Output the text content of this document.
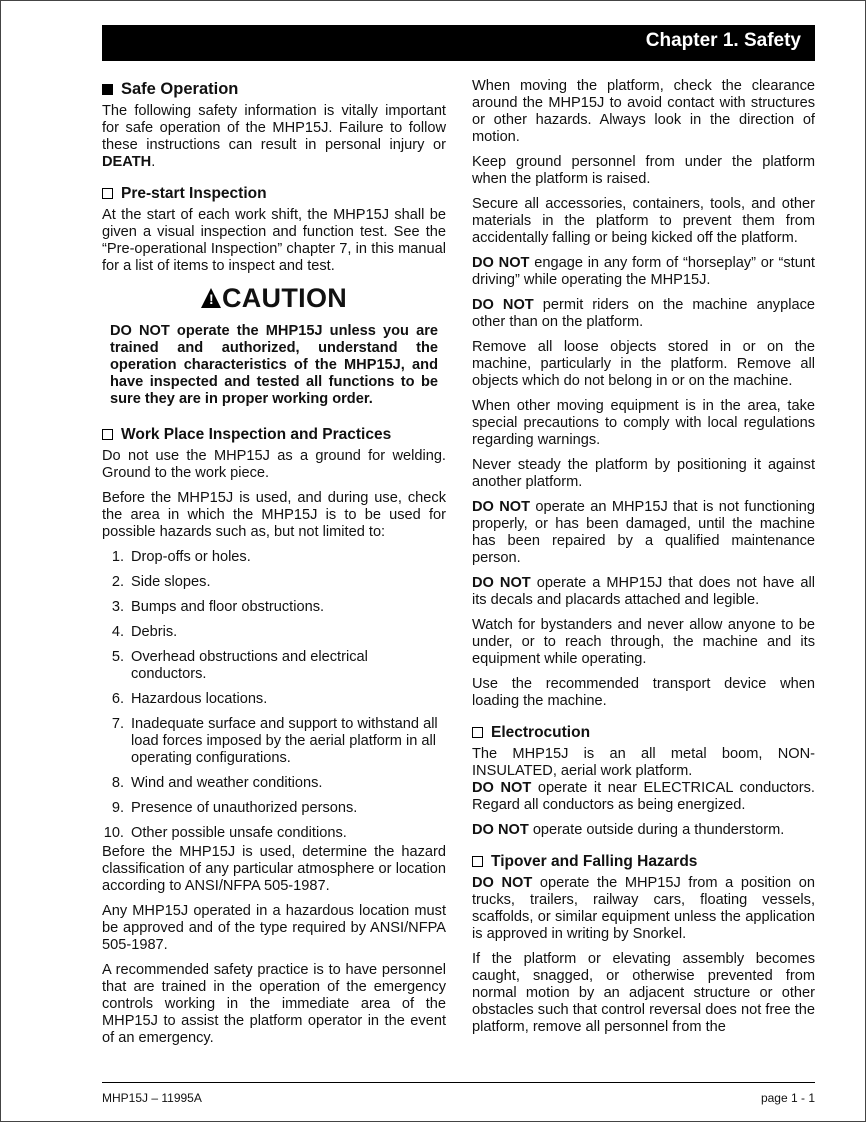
Chapter 1. Safety
Safe Operation

The following safety information is vitally important for safe operation of the MHP15J. Failure to follow these instructions can result in personal injury or DEATH.

Pre-start Inspection

At the start of each work shift, the MHP15J shall be given a visual inspection and function test. See the “Pre-operational Inspection” chapter 7, in this manual for a list of items to inspect and test.

!CAUTION

DO NOT operate the MHP15J unless you are trained and authorized, understand the operation characteristics of the MHP15J, and have inspected and tested all functions to be sure they are in proper working order.

Work Place Inspection and Practices

Do not use the MHP15J as a ground for welding. Ground to the work piece.

Before the MHP15J is used, and during use, check the area in which the MHP15J is to be used for possible hazards such as, but not limited to:

1. Drop-offs or holes.
2. Side slopes.
3. Bumps and floor obstructions.
4. Debris.
5. Overhead obstructions and electrical conductors.
6. Hazardous locations.
7. Inadequate surface and support to withstand all load forces imposed by the aerial platform in all operating configurations.
8. Wind and weather conditions.
9. Presence of unauthorized persons.
10. Other possible unsafe conditions.

Before the MHP15J is used, determine the hazard classification of any particular atmosphere or location according to ANSI/NFPA 505-1987.

Any MHP15J operated in a hazardous location must be approved and of the type required by ANSI/NFPA 505-1987.

A recommended safety practice is to have personnel that are trained in the operation of the emergency controls working in the immediate area of the MHP15J to assist the platform operator in the event of an emergency.

When moving the platform, check the clearance around the MHP15J to avoid contact with structures or other hazards. Always look in the direction of motion.

Keep ground personnel from under the platform when the platform is raised.

Secure all accessories, containers, tools, and other materials in the platform to prevent them from accidentally falling or being kicked off the platform.

DO NOT engage in any form of “horseplay” or “stunt driving” while operating the MHP15J.

DO NOT permit riders on the machine anyplace other than on the platform.

Remove all loose objects stored in or on the machine, particularly in the platform. Remove all objects which do not belong in or on the machine.

When other moving equipment is in the area, take special precautions to comply with local regulations regarding warnings.

Never steady the platform by positioning it against another platform.

DO NOT operate an MHP15J that is not functioning properly, or has been damaged, until the machine has been repaired by a qualified maintenance person.

DO NOT operate a MHP15J that does not have all its decals and placards attached and legible.

Watch for bystanders and never allow anyone to be under, or to reach through, the machine and its equipment while operating.

Use the recommended transport device when loading the machine.

Electrocution

The MHP15J is an all metal boom, NON-INSULATED, aerial work platform.
DO NOT operate it near ELECTRICAL conductors. Regard all conductors as being energized.

DO NOT operate outside during a thunderstorm.

Tipover and Falling Hazards

DO NOT operate the MHP15J from a position on trucks, trailers, railway cars, floating vessels, scaffolds, or similar equipment unless the application is approved in writing by Snorkel.

If the platform or elevating assembly becomes caught, snagged, or otherwise prevented from normal motion by an adjacent structure or other obstacles such that control reversal does not free the platform, remove all personnel from the

MHP15J – 11995A	page 1 - 1
